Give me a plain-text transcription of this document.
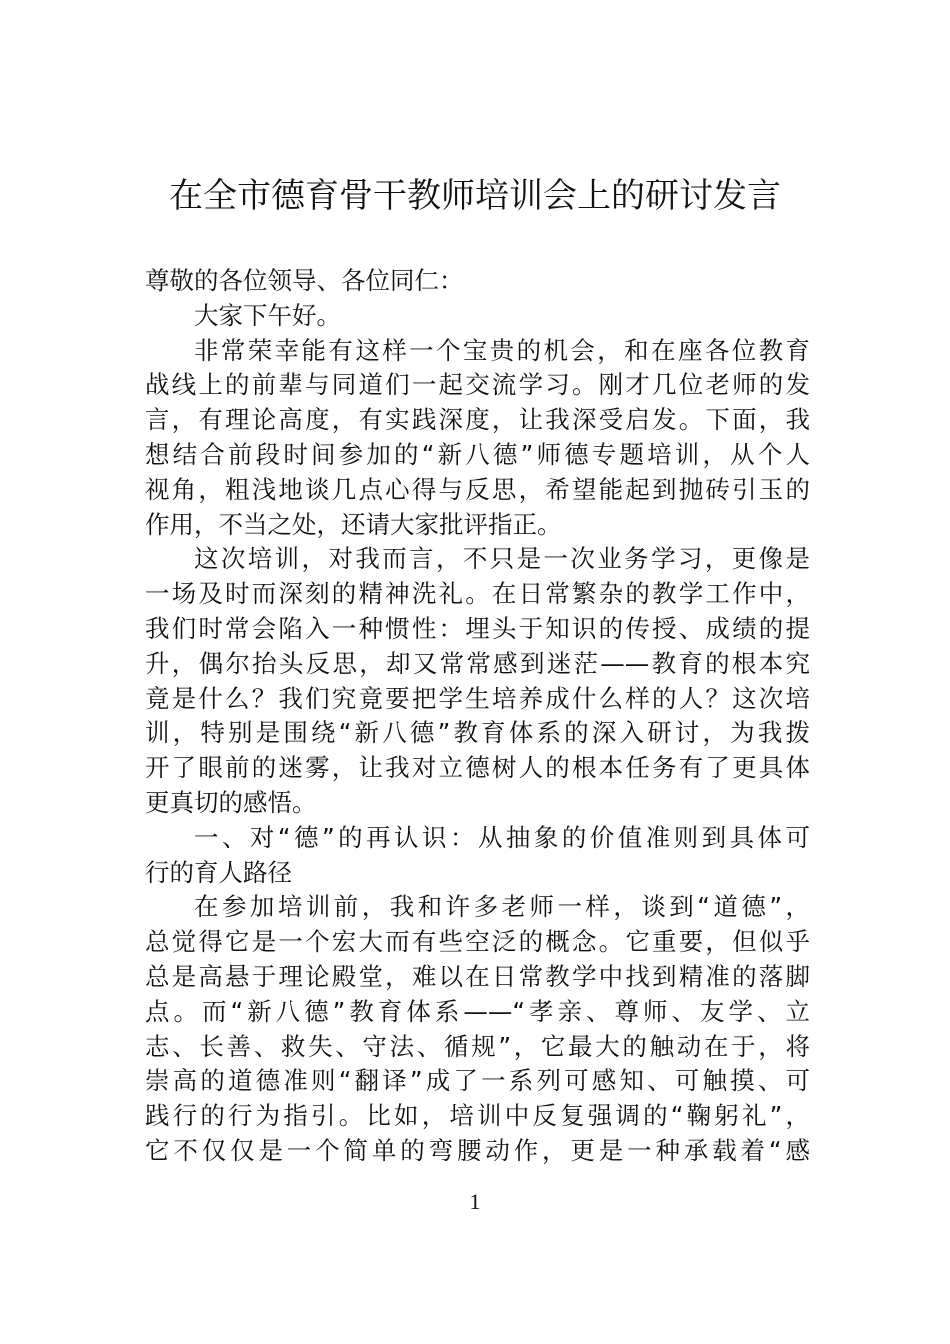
在全市德育骨干教师培训会上的研讨发言
尊敬的各位领导、各位同仁：
大家下午好。
非常荣幸能有这样一个宝贵的机会，和在座各位教育
战线上的前辈与同道们一起交流学习。刚才几位老师的发
言，有理论高度，有实践深度，让我深受启发。下面，我
想结合前段时间参加的“新八德”师德专题培训，从个人
视角，粗浅地谈几点心得与反思，希望能起到抛砖引玉的
作用，不当之处，还请大家批评指正。
这次培训，对我而言，不只是一次业务学习，更像是
一场及时而深刻的精神洗礼。在日常繁杂的教学工作中，
我们时常会陷入一种惯性：埋头于知识的传授、成绩的提
升，偶尔抬头反思，却又常常感到迷茫——教育的根本究
竟是什么？我们究竟要把学生培养成什么样的人？这次培
训，特别是围绕“新八德”教育体系的深入研讨，为我拨
开了眼前的迷雾，让我对立德树人的根本任务有了更具体
更真切的感悟。
一、对“德”的再认识：从抽象的价值准则到具体可
行的育人路径
在参加培训前，我和许多老师一样，谈到“道德”，
总觉得它是一个宏大而有些空泛的概念。它重要，但似乎
总是高悬于理论殿堂，难以在日常教学中找到精准的落脚
点。而“新八德”教育体系——“孝亲、尊师、友学、立
志、长善、救失、守法、循规”，它最大的触动在于，将
崇高的道德准则“翻译”成了一系列可感知、可触摸、可
践行的行为指引。比如，培训中反复强调的“鞠躬礼”，
它不仅仅是一个简单的弯腰动作，更是一种承载着“感
1
